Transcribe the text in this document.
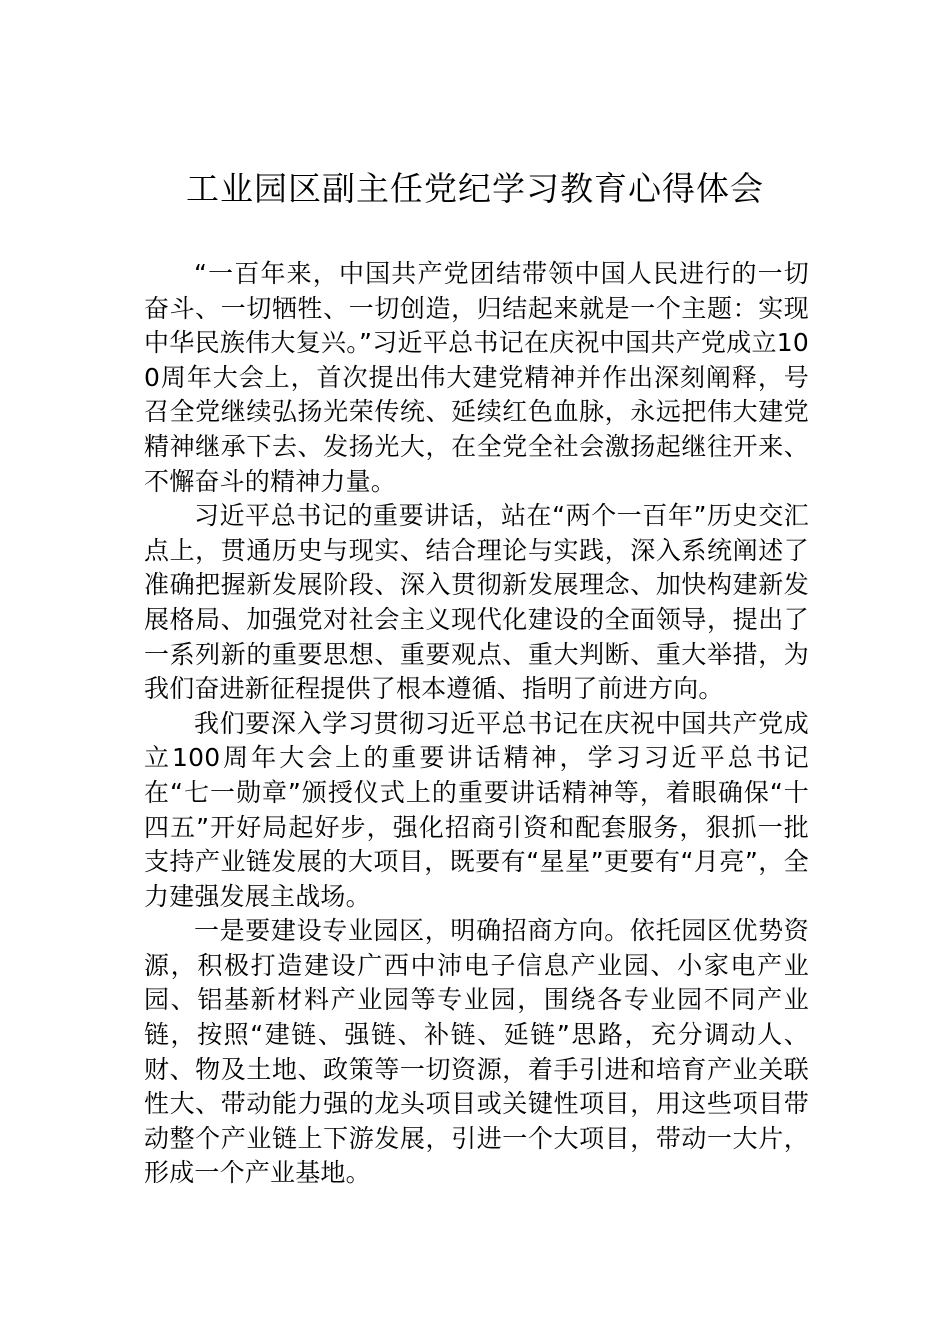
工业园区副主任党纪学习教育心得体会

“一百年来，中国共产党团结带领中国人民进行的一切奋斗、一切牺牲、一切创造，归结起来就是一个主题：实现中华民族伟大复兴。”习近平总书记在庆祝中国共产党成立100周年大会上，首次提出伟大建党精神并作出深刻阐释，号召全党继续弘扬光荣传统、延续红色血脉，永远把伟大建党精神继承下去、发扬光大，在全党全社会激扬起继往开来、不懈奋斗的精神力量。

习近平总书记的重要讲话，站在“两个一百年”历史交汇点上，贯通历史与现实、结合理论与实践，深入系统阐述了准确把握新发展阶段、深入贯彻新发展理念、加快构建新发展格局、加强党对社会主义现代化建设的全面领导，提出了一系列新的重要思想、重要观点、重大判断、重大举措，为我们奋进新征程提供了根本遵循、指明了前进方向。

我们要深入学习贯彻习近平总书记在庆祝中国共产党成立100周年大会上的重要讲话精神，学习习近平总书记在“七一勋章”颁授仪式上的重要讲话精神等，着眼确保“十四五”开好局起好步，强化招商引资和配套服务，狠抓一批支持产业链发展的大项目，既要有“星星”更要有“月亮”，全力建强发展主战场。

一是要建设专业园区，明确招商方向。依托园区优势资源，积极打造建设广西中沛电子信息产业园、小家电产业园、铝基新材料产业园等专业园，围绕各专业园不同产业链，按照“建链、强链、补链、延链”思路，充分调动人、财、物及土地、政策等一切资源，着手引进和培育产业关联性大、带动能力强的龙头项目或关键性项目，用这些项目带动整个产业链上下游发展，引进一个大项目，带动一大片，形成一个产业基地。
